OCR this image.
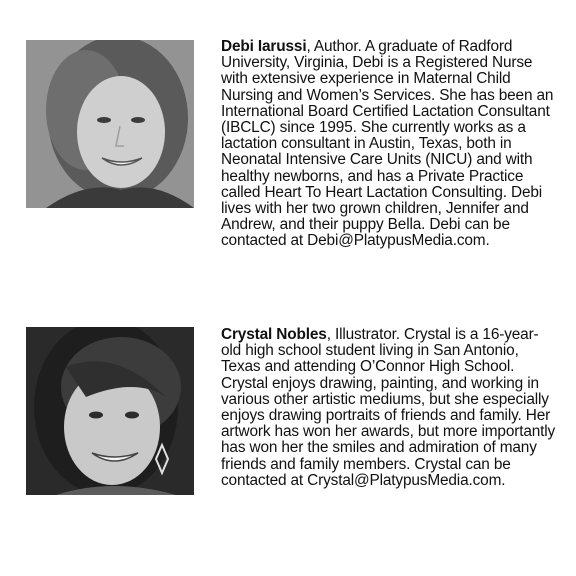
Debi Iarussi, Author. A graduate of Radford University, Virginia, Debi is a Registered Nurse with extensive experience in Maternal Child Nursing and Women’s Services. She has been an International Board Certified Lactation Consultant (IBCLC) since 1995. She currently works as a lactation consultant in Austin, Texas, both in Neonatal Intensive Care Units (NICU) and with healthy newborns, and has a Private Practice called Heart To Heart Lactation Consulting. Debi lives with her two grown children, Jennifer and Andrew, and their puppy Bella. Debi can be contacted at Debi@PlatypusMedia.com.

Crystal Nobles, Illustrator. Crystal is a 16-year-old high school student living in San Antonio, Texas and attending O’Connor High School. Crystal enjoys drawing, painting, and working in various other artistic mediums, but she especially enjoys drawing portraits of friends and family. Her artwork has won her awards, but more importantly has won her the smiles and admiration of many friends and family members. Crystal can be contacted at Crystal@PlatypusMedia.com.
